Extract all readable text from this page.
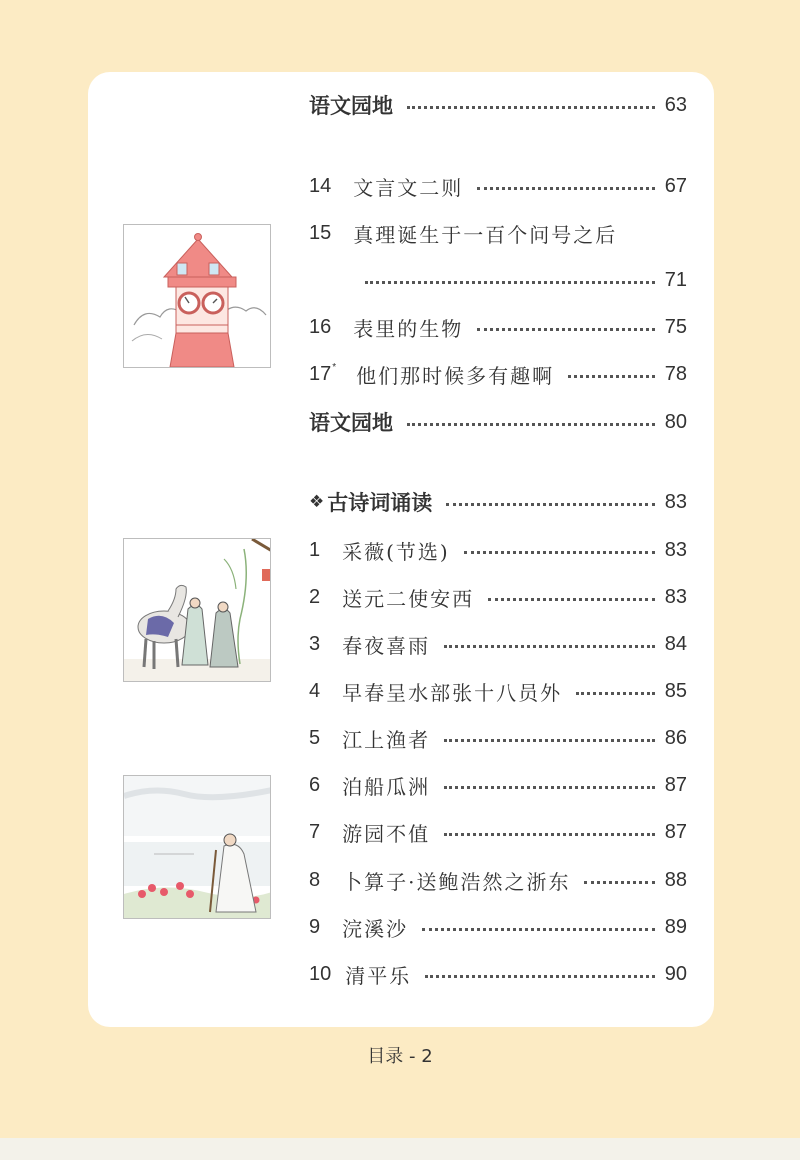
语文园地	63
14 文言文二则	67
15 真理诞生于一百个问号之后
71
16 表里的生物	75
17* 他们那时候多有趣啊	78
语文园地	80
❖ 古诗词诵读	83
1 采薇(节选)	83
2 送元二使安西	83
3 春夜喜雨	84
4 早春呈水部张十八员外	85
5 江上渔者	86
6 泊船瓜洲	87
7 游园不值	87
8 卜算子·送鲍浩然之浙东	88
9 浣溪沙	89
10 清平乐	90
目录 - 2
